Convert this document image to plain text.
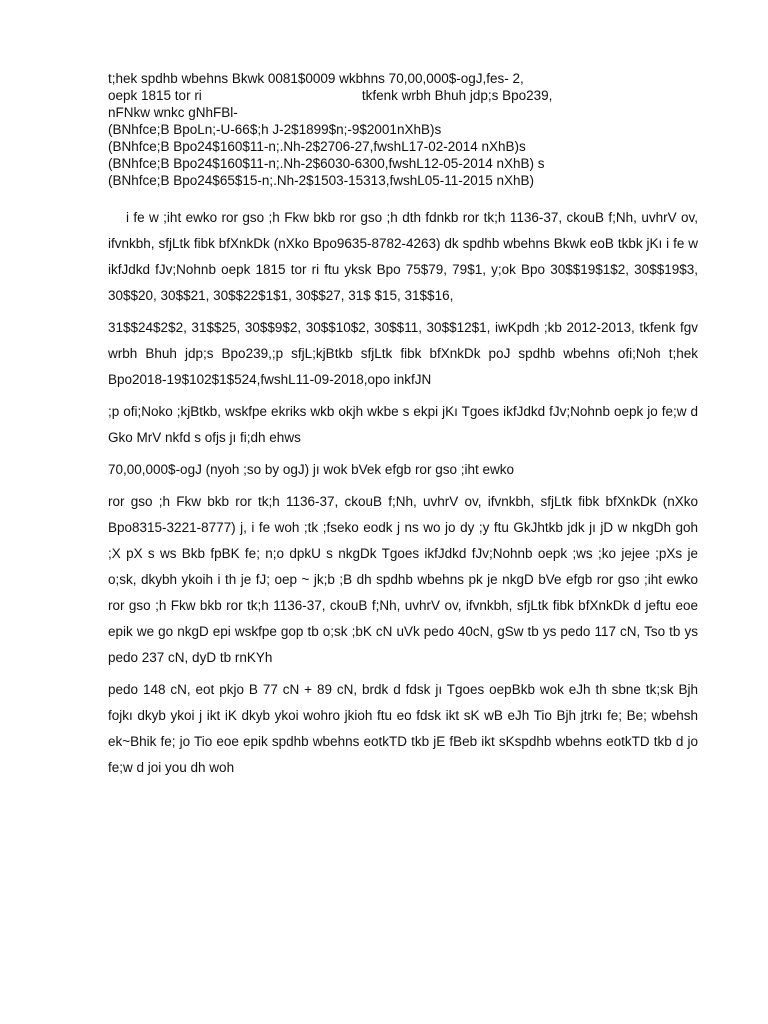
t;hek spdhb wbehns Bkwk 0081$0009 wkbhns 70,00,000$-ogJ,fes- 2,
oepk 1815 tor ri	tkfenk wrbh Bhuh jdp;s Bpo239,
nFNkw wnkc gNhFBl-
(BNhfce;B BpoLn;-U-66$;h J-2$1899$n;-9$2001nXhB)s
(BNhfce;B Bpo24$160$11-n;.Nh-2$2706-27,fwshL17-02-2014 nXhB)s
(BNhfce;B Bpo24$160$11-n;.Nh-2$6030-6300,fwshL12-05-2014 nXhB) s
(BNhfce;B Bpo24$65$15-n;.Nh-2$1503-15313,fwshL05-11-2015 nXhB)

i fe w ;iht ewko ror gso ;h Fkw bkb ror gso ;h dth fdnkb ror tk;h 1136-37, ckouB f;Nh, uvhrV ov, ifvnkbh, sfjLtk fibk bfXnkDk (nXko Bpo9635-8782-4263) dk spdhb wbehns Bkwk eoB tkbk jKı i fe w ikfJdkd fJv;Nohnb oepk 1815 tor ri ftu yksk Bpo 75$79, 79$1, y;ok Bpo 30$$19$1$2, 30$$19$3, 30$$20, 30$$21, 30$$22$1$1, 30$$27, 31$ $15, 31$$16,

31$$24$2$2, 31$$25, 30$$9$2, 30$$10$2, 30$$11, 30$$12$1, iwKpdh ;kb 2012-2013, tkfenk fgv wrbh Bhuh jdp;s Bpo239,;p sfjL;kjBtkb sfjLtk fibk bfXnkDk poJ spdhb wbehns ofi;Noh t;hek Bpo2018-19$102$1$524,fwshL11-09-2018,opo inkfJN

;p ofi;Noko ;kjBtkb, wskfpe ekriks wkb okjh wkbe s ekpi jKı Tgoes ikfJdkd fJv;Nohnb oepk jo fe;w d Gko MrV nkfd s ofjs jı fi;dh ehws

70,00,000$-ogJ (nyoh ;so by ogJ) jı wok bVek efgb ror gso ;iht ewko

ror gso ;h Fkw bkb ror tk;h 1136-37, ckouB f;Nh, uvhrV ov, ifvnkbh, sfjLtk fibk bfXnkDk (nXko Bpo8315-3221-8777) j, i fe woh ;tk ;fseko eodk j ns wo jo dy ;y ftu GkJhtkb jdk jı jD w nkgDh goh ;X pX s ws Bkb fpBK fe; n;o dpkU s nkgDk Tgoes ikfJdkd fJv;Nohnb oepk ;ws ;ko jejee ;pXs je o;sk, dkybh ykoih i th je fJ; oep ~ jk;b ;B dh spdhb wbehns pk je nkgD bVe efgb ror gso ;iht ewko ror gso ;h Fkw bkb ror tk;h 1136-37, ckouB f;Nh, uvhrV ov, ifvnkbh, sfjLtk fibk bfXnkDk d jeftu eoe epik we go nkgD epi wskfpe gop tb o;sk ;bK cN uVk pedo 40cN, gSw tb ys pedo 117 cN, Tso tb ys pedo 237 cN, dyD tb rnKYh

pedo 148 cN, eot pkjo B 77 cN + 89 cN, brdk d fdsk jı Tgoes oepBkb wok eJh th sbne tk;sk Bjh fojkı dkyb ykoi j ikt iK dkyb ykoi wohro jkioh ftu eo fdsk ikt sK wB eJh Tio Bjh jtrkı fe; Be; wbehsh ek~Bhik fe; jo Tio eoe epik spdhb wbehns eotkTD tkb jE fBeb ikt sKspdhb wbehns eotkTD tkb d jo fe;w d joi you dh woh
